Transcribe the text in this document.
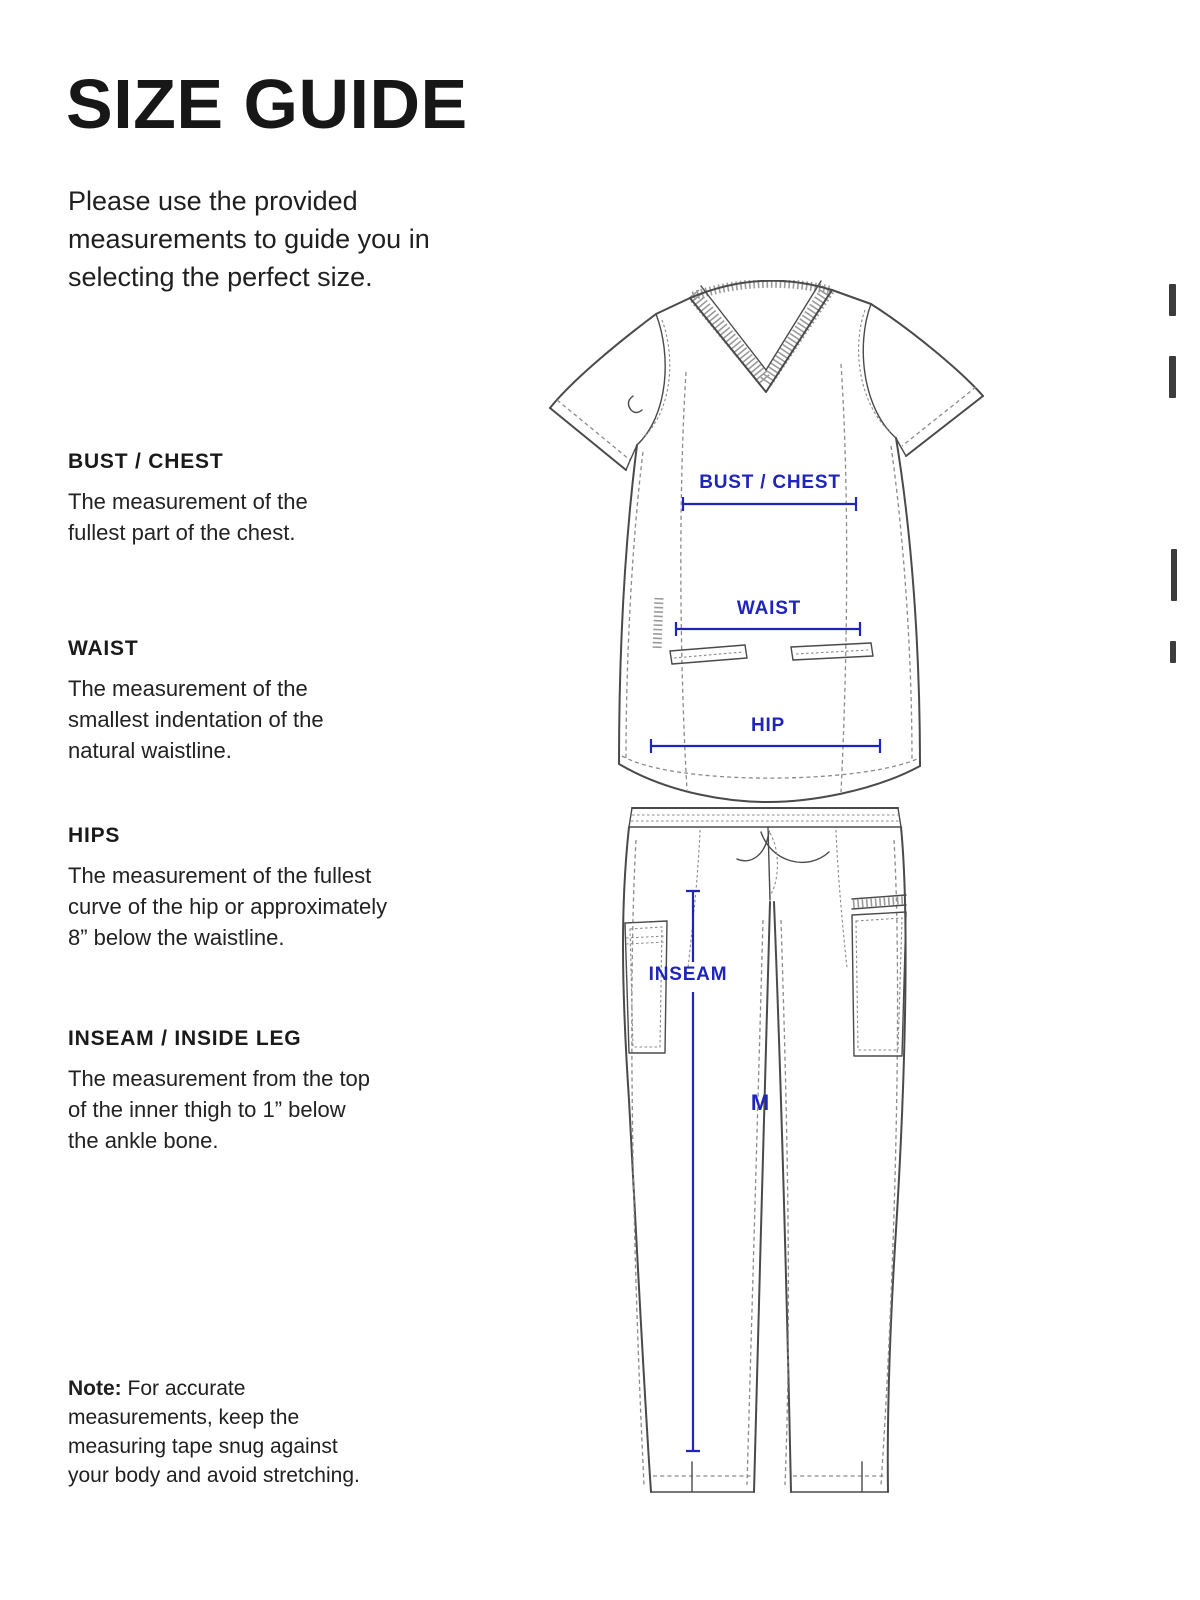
SIZE GUIDE

Please use the provided
measurements to guide you in
selecting the perfect size.

BUST / CHEST

The measurement of the
fullest part of the chest.

WAIST

The measurement of the
smallest indentation of the
natural waistline.

HIPS

The measurement of the fullest
curve of the hip or approximately
8” below the waistline.

INSEAM / INSIDE LEG

The measurement from the top
of the inner thigh to 1” below
the ankle bone.

Note: For accurate
measurements, keep the
measuring tape snug against
your body and avoid stretching.

BUST / CHEST
WAIST
HIP
INSEAM
M
